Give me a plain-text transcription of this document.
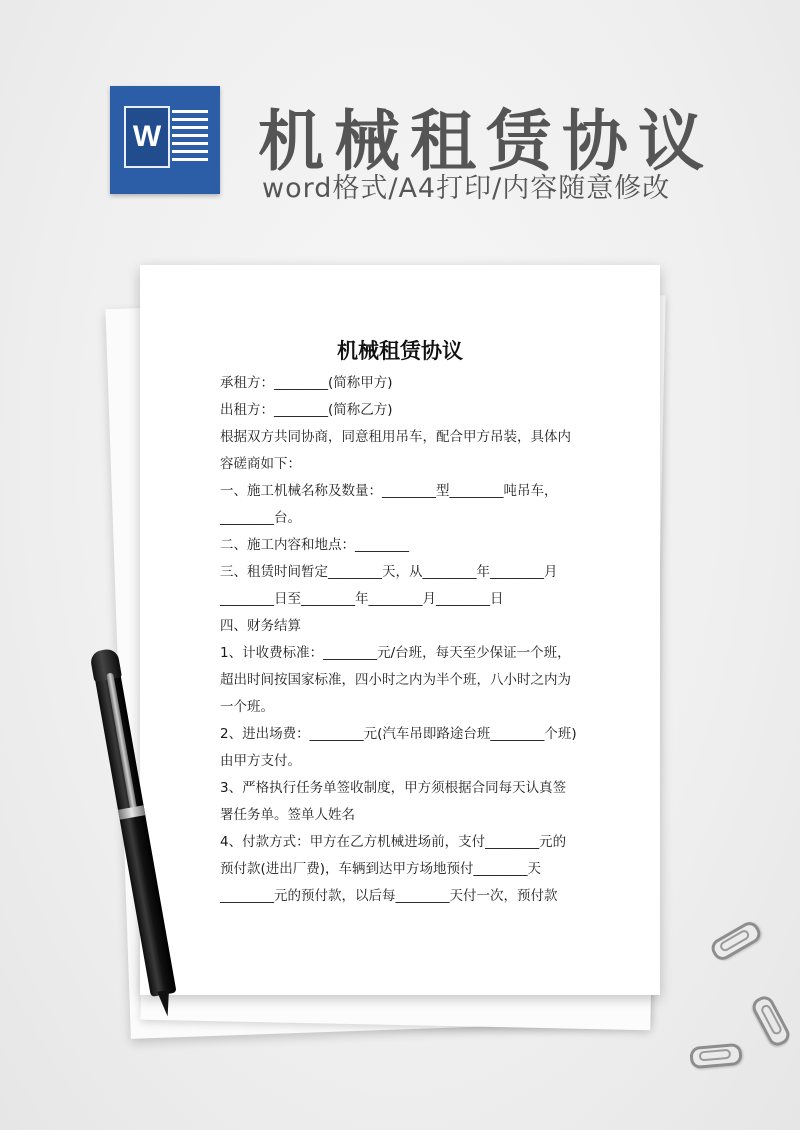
W 机械租赁协议
word格式/A4打印/内容随意修改
机械租赁协议
承租方：________(简称甲方)
出租方：________(简称乙方)
根据双方共同协商，同意租用吊车，配合甲方吊装，具体内
容磋商如下：
一、施工机械名称及数量：________型________吨吊车，
________台。
二、施工内容和地点：________
三、租赁时间暂定________天，从________年________月
________日至________年________月________日
四、财务结算
1、计收费标准：________元/台班，每天至少保证一个班，
超出时间按国家标准，四小时之内为半个班，八小时之内为
一个班。
2、进出场费：________元(汽车吊即路途台班________个班)
由甲方支付。
3、严格执行任务单签收制度，甲方须根据合同每天认真签
署任务单。签单人姓名
4、付款方式：甲方在乙方机械进场前，支付________元的
预付款(进出厂费)，车辆到达甲方场地预付________天
________元的预付款，以后每________天付一次，预付款
